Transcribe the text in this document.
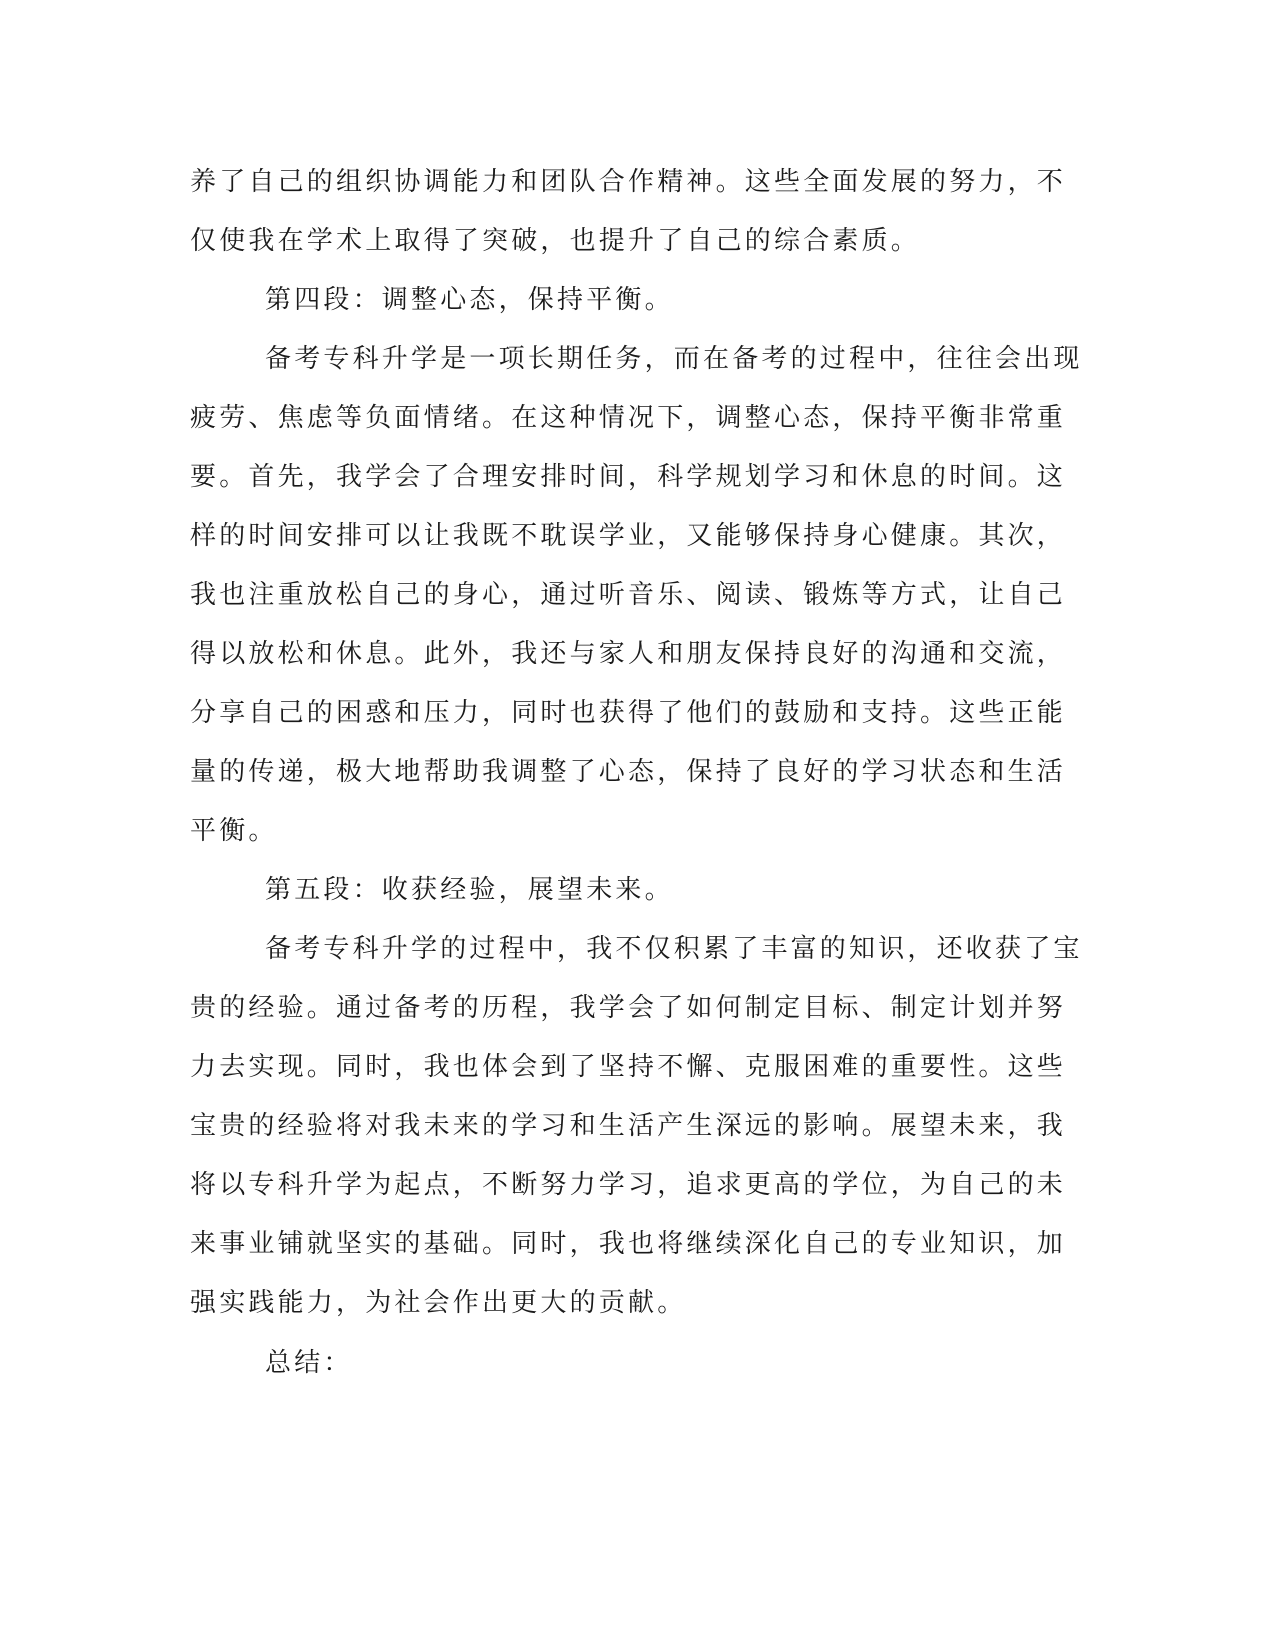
养了自己的组织协调能力和团队合作精神。这些全面发展的努力，不
仅使我在学术上取得了突破，也提升了自己的综合素质。
第四段：调整心态，保持平衡。
备考专科升学是一项长期任务，而在备考的过程中，往往会出现
疲劳、焦虑等负面情绪。在这种情况下，调整心态，保持平衡非常重
要。首先，我学会了合理安排时间，科学规划学习和休息的时间。这
样的时间安排可以让我既不耽误学业，又能够保持身心健康。其次，
我也注重放松自己的身心，通过听音乐、阅读、锻炼等方式，让自己
得以放松和休息。此外，我还与家人和朋友保持良好的沟通和交流，
分享自己的困惑和压力，同时也获得了他们的鼓励和支持。这些正能
量的传递，极大地帮助我调整了心态，保持了良好的学习状态和生活
平衡。
第五段：收获经验，展望未来。
备考专科升学的过程中，我不仅积累了丰富的知识，还收获了宝
贵的经验。通过备考的历程，我学会了如何制定目标、制定计划并努
力去实现。同时，我也体会到了坚持不懈、克服困难的重要性。这些
宝贵的经验将对我未来的学习和生活产生深远的影响。展望未来，我
将以专科升学为起点，不断努力学习，追求更高的学位，为自己的未
来事业铺就坚实的基础。同时，我也将继续深化自己的专业知识，加
强实践能力，为社会作出更大的贡献。
总结：
